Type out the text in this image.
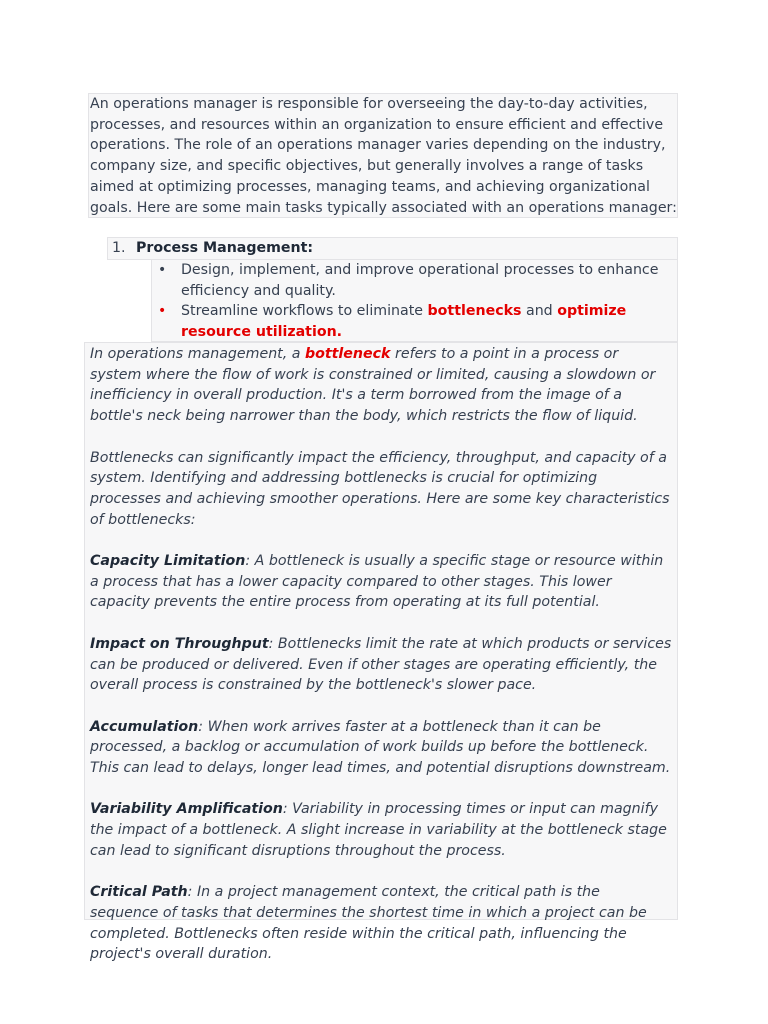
An operations manager is responsible for overseeing the day-to-day activities, processes, and resources within an organization to ensure efficient and effective operations. The role of an operations manager varies depending on the industry, company size, and specific objectives, but generally involves a range of tasks aimed at optimizing processes, managing teams, and achieving organizational goals. Here are some main tasks typically associated with an operations manager:

1. Process Management:
• Design, implement, and improve operational processes to enhance efficiency and quality.

• Streamline workflows to eliminate bottlenecks and optimize resource utilization.

In operations management, a bottleneck refers to a point in a process or system where the flow of work is constrained or limited, causing a slowdown or inefficiency in overall production. It's a term borrowed from the image of a bottle's neck being narrower than the body, which restricts the flow of liquid.

Bottlenecks can significantly impact the efficiency, throughput, and capacity of a system. Identifying and addressing bottlenecks is crucial for optimizing processes and achieving smoother operations. Here are some key characteristics of bottlenecks:

Capacity Limitation: A bottleneck is usually a specific stage or resource within a process that has a lower capacity compared to other stages. This lower capacity prevents the entire process from operating at its full potential.

Impact on Throughput: Bottlenecks limit the rate at which products or services can be produced or delivered. Even if other stages are operating efficiently, the overall process is constrained by the bottleneck's slower pace.

Accumulation: When work arrives faster at a bottleneck than it can be processed, a backlog or accumulation of work builds up before the bottleneck. This can lead to delays, longer lead times, and potential disruptions downstream.

Variability Amplification: Variability in processing times or input can magnify the impact of a bottleneck. A slight increase in variability at the bottleneck stage can lead to significant disruptions throughout the process.

Critical Path: In a project management context, the critical path is the sequence of tasks that determines the shortest time in which a project can be completed. Bottlenecks often reside within the critical path, influencing the project's overall duration.
